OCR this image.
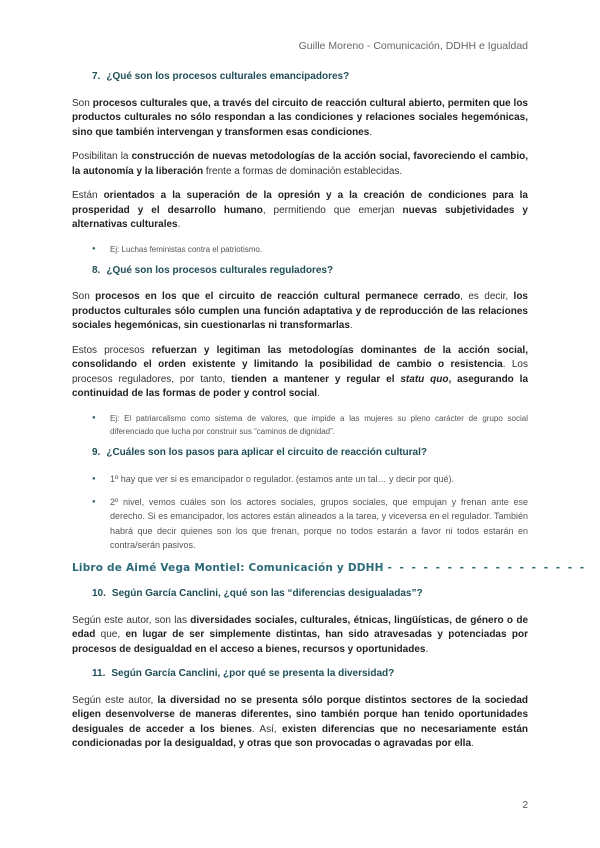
Guille Moreno - Comunicación, DDHH e Igualdad
7. ¿Qué son los procesos culturales emancipadores?

Son procesos culturales que, a través del circuito de reacción cultural abierto, permiten que los productos culturales no sólo respondan a las condiciones y relaciones sociales hegemónicas, sino que también intervengan y transformen esas condiciones.

Posibilitan la construcción de nuevas metodologías de la acción social, favoreciendo el cambio, la autonomía y la liberación frente a formas de dominación establecidas.

Están orientados a la superación de la opresión y a la creación de condiciones para la prosperidad y el desarrollo humano, permitiendo que emerjan nuevas subjetividades y alternativas culturales.

● Ej: Luchas feministas contra el patriotismo.
8. ¿Qué son los procesos culturales reguladores?

Son procesos en los que el circuito de reacción cultural permanece cerrado, es decir, los productos culturales sólo cumplen una función adaptativa y de reproducción de las relaciones sociales hegemónicas, sin cuestionarlas ni transformarlas.

Estos procesos refuerzan y legitiman las metodologías dominantes de la acción social, consolidando el orden existente y limitando la posibilidad de cambio o resistencia. Los procesos reguladores, por tanto, tienden a mantener y regular el statu quo, asegurando la continuidad de las formas de poder y control social.

● Ej: El patriarcalismo como sistema de valores, que impide a las mujeres su pleno carácter de grupo social diferenciado que lucha por construir sus “caminos de dignidad”.
9. ¿Cuáles son los pasos para aplicar el circuito de reacción cultural?
● 1º hay que ver si es emancipador o regulador. (estamos ante un tal… y decir por qué).
● 2º nivel, vemos cuáles son los actores sociales, grupos sociales, que empujan y frenan ante ese derecho. Si es emancipador, los actores están alineados a la tarea, y viceversa en el regulador. También habrá que decir quienes son los que frenan, porque no todos estarán a favor ni todos estarán en contra/serán pasivos.
Libro de Aimé Vega Montiel: Comunicación y DDHH - - - - - - - - - - - - - - - - -
10. Según García Canclini, ¿qué son las “diferencias desigualadas”?

Según este autor, son las diversidades sociales, culturales, étnicas, lingüísticas, de género o de edad que, en lugar de ser simplemente distintas, han sido atravesadas y potenciadas por procesos de desigualdad en el acceso a bienes, recursos y oportunidades.

11. Según García Canclini, ¿por qué se presenta la diversidad?

Según este autor, la diversidad no se presenta sólo porque distintos sectores de la sociedad eligen desenvolverse de maneras diferentes, sino también porque han tenido oportunidades desiguales de acceder a los bienes. Así, existen diferencias que no necesariamente están condicionadas por la desigualdad, y otras que son provocadas o agravadas por ella.

2
